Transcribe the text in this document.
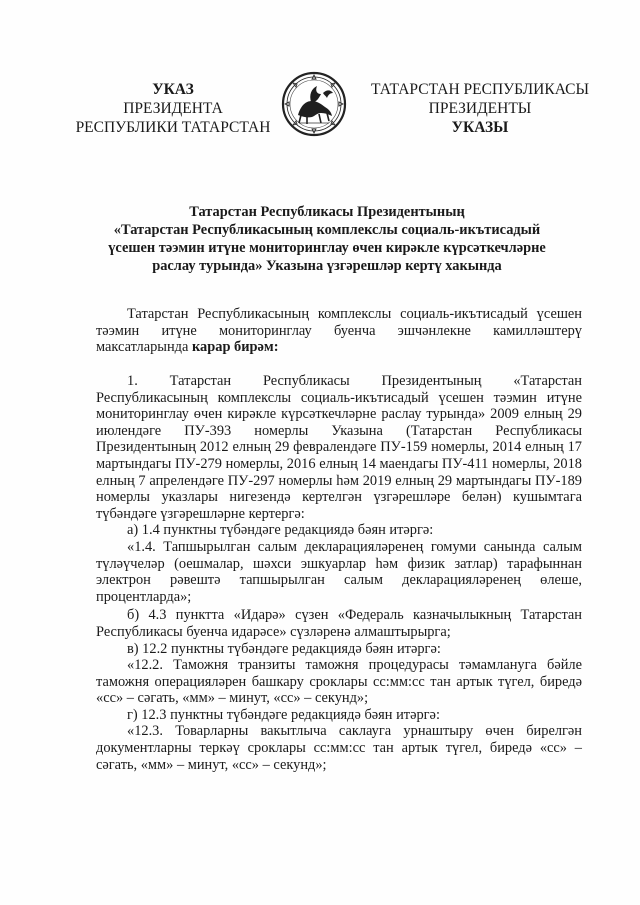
УКАЗ
ПРЕЗИДЕНТА
РЕСПУБЛИКИ ТАТАРСТАН
ТАТАРСТАН РЕСПУБЛИКАСЫ
ПРЕЗИДЕНТЫ
УКАЗЫ
Татарстан Республикасы Президентының
«Татарстан Республикасының комплекслы социаль-икътисадый
үсешен тәэмин итүне мониторинглау өчен кирәкле күрсәткечләрне
раслау турында» Указына үзгәрешләр кертү хакында

Татарстан Республикасының комплекслы социаль-икътисадый үсешен тәэмин итүне мониторинглау буенча эшчәнлекне камилләштерү максатларында карар бирәм:

1. Татарстан Республикасы Президентының «Татарстан Республикасының комплекслы социаль-икътисадый үсешен тәэмин итүне мониторинглау өчен кирәкле күрсәткечләрне раслау турында» 2009 елның 29 июлендәге ПУ-393 номерлы Указына (Татарстан Республикасы Президентының 2012 елның 29 февралендәге ПУ-159 номерлы, 2014 елның 17 мартындагы ПУ-279 номерлы, 2016 елның 14 маендагы ПУ-411 номерлы, 2018 елның 7 апрелендәге ПУ-297 номерлы һәм 2019 елның 29 мартындагы ПУ-189 номерлы указлары нигезендә кертелгән үзгәрешләре белән) кушымтага түбәндәге үзгәрешләрне кертергә:

а) 1.4 пунктны түбәндәге редакциядә бәян итәргә:

«1.4. Тапшырылган салым декларацияләренең гомуми санында салым түләүчеләр (оешмалар, шәхси эшкуарлар һәм физик затлар) тарафыннан электрон рәвештә тапшырылган салым декларацияләренең өлеше, процентларда»;

б) 4.3 пунктта «Идарә» сүзен «Федераль казначылыкның Татарстан Республикасы буенча идарәсе» сүзләренә алмаштырырга;

в) 12.2 пунктны түбәндәге редакциядә бәян итәргә:

«12.2. Таможня транзиты таможня процедурасы тәмамлануга бәйле таможня операцияләрен башкару сроклары сс:мм:сс тан артык түгел, биредә «сс» – сәгать, «мм» – минут, «сс» – секунд»;

г) 12.3 пунктны түбәндәге редакциядә бәян итәргә:

«12.3. Товарларны вакытлыча саклауга урнаштыру өчен бирелгән документларны теркәү сроклары сс:мм:сс тан артык түгел, биредә «сс» – сәгать, «мм» – минут, «сс» – секунд»;
